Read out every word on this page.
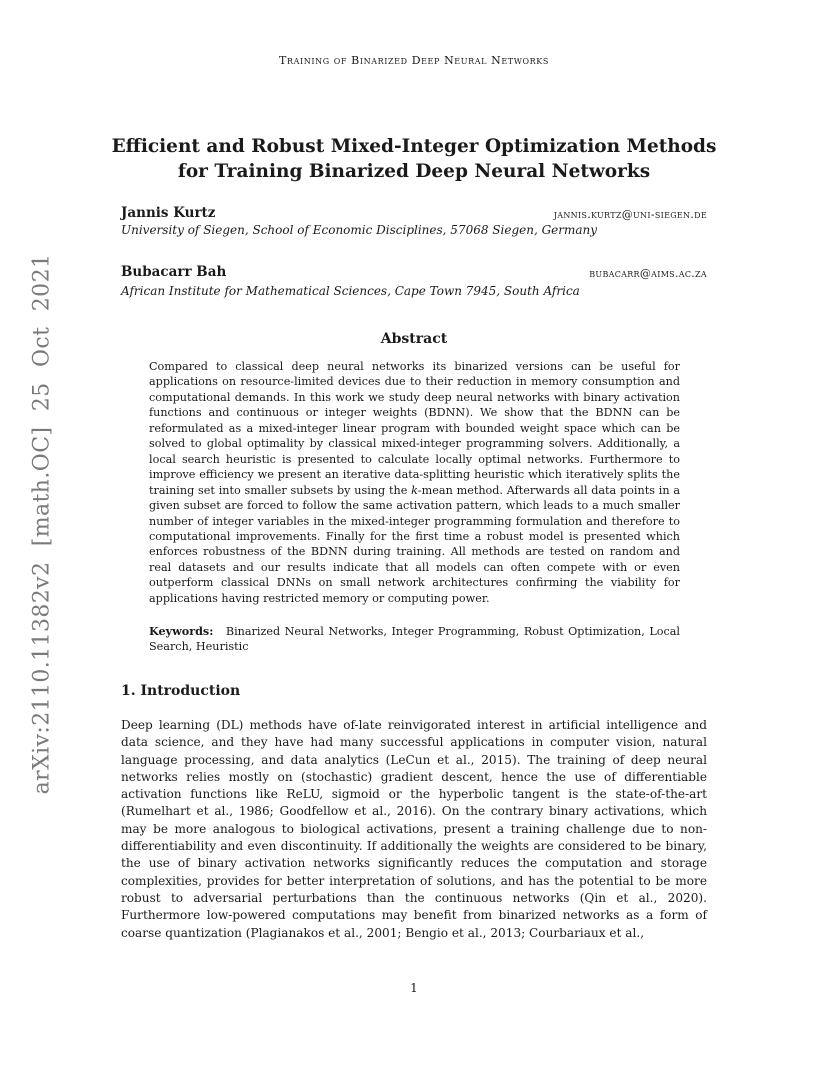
arXiv:2110.11382v2 [math.OC] 25 Oct 2021
Training of Binarized Deep Neural Networks
Efficient and Robust Mixed-Integer Optimization Methods
for Training Binarized Deep Neural Networks
Jannis Kurtz	jannis.kurtz@uni-siegen.de
University of Siegen, School of Economic Disciplines, 57068 Siegen, Germany
Bubacarr Bah	bubacarr@aims.ac.za
African Institute for Mathematical Sciences, Cape Town 7945, South Africa
Abstract
Compared to classical deep neural networks its binarized versions can be useful for applications on resource-limited devices due to their reduction in memory consumption and computational demands. In this work we study deep neural networks with binary activation functions and continuous or integer weights (BDNN). We show that the BDNN can be reformulated as a mixed-integer linear program with bounded weight space which can be solved to global optimality by classical mixed-integer programming solvers. Additionally, a local search heuristic is presented to calculate locally optimal networks. Furthermore to improve efficiency we present an iterative data-splitting heuristic which iteratively splits the training set into smaller subsets by using the k-mean method. Afterwards all data points in a given subset are forced to follow the same activation pattern, which leads to a much smaller number of integer variables in the mixed-integer programming formulation and therefore to computational improvements. Finally for the first time a robust model is presented which enforces robustness of the BDNN during training. All methods are tested on random and real datasets and our results indicate that all models can often compete with or even outperform classical DNNs on small network architectures confirming the viability for applications having restricted memory or computing power.
Keywords: Binarized Neural Networks, Integer Programming, Robust Optimization, Local Search, Heuristic
1. Introduction
Deep learning (DL) methods have of-late reinvigorated interest in artificial intelligence and data science, and they have had many successful applications in computer vision, natural language processing, and data analytics (LeCun et al., 2015). The training of deep neural networks relies mostly on (stochastic) gradient descent, hence the use of differentiable activation functions like ReLU, sigmoid or the hyperbolic tangent is the state-of-the-art (Rumelhart et al., 1986; Goodfellow et al., 2016). On the contrary binary activations, which may be more analogous to biological activations, present a training challenge due to non-differentiability and even discontinuity. If additionally the weights are considered to be binary, the use of binary activation networks significantly reduces the computation and storage complexities, provides for better interpretation of solutions, and has the potential to be more robust to adversarial perturbations than the continuous networks (Qin et al., 2020). Furthermore low-powered computations may benefit from binarized networks as a form of coarse quantization (Plagianakos et al., 2001; Bengio et al., 2013; Courbariaux et al.,
1
